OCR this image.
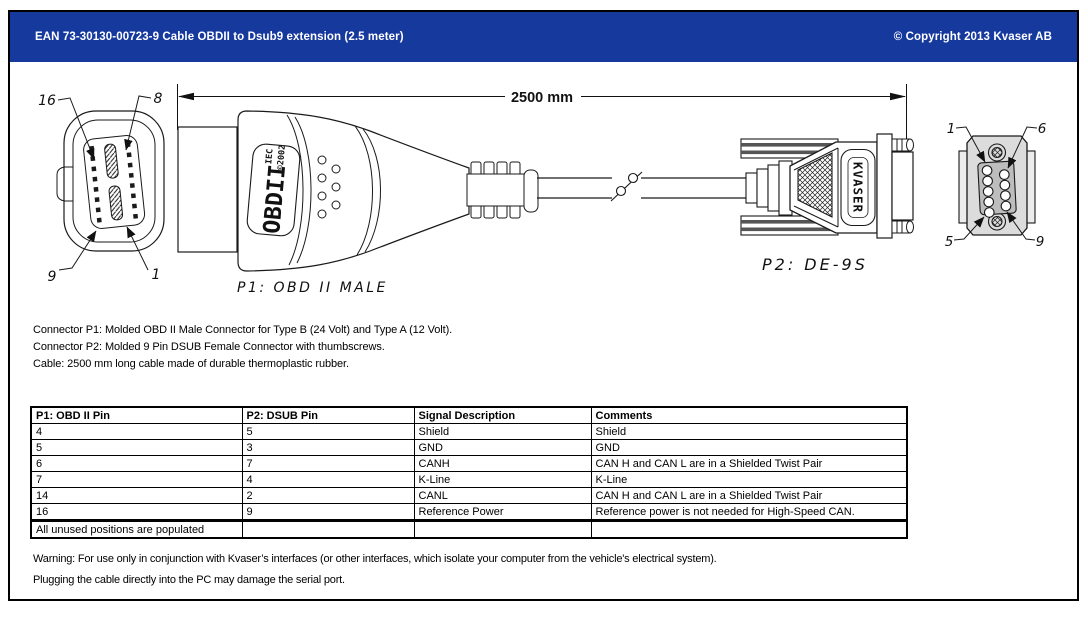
EAN 73-30130-00723-9 Cable OBDII to Dsub9 extension (2.5 meter)	© Copyright 2013 Kvaser AB
2500 mm
16	8
9	1
OBDII
IEC ©2002
P1: OBD II MALE
KVASER
P2: DE-9S
1	6
5	9
Connector P1: Molded OBD II Male Connector for Type B (24 Volt) and Type A (12 Volt).
Connector P2: Molded 9 Pin DSUB Female Connector with thumbscrews.
Cable: 2500 mm long cable made of durable thermoplastic rubber.
P1: OBD II Pin	P2: DSUB Pin	Signal Description	Comments
4	5	Shield	Shield
5	3	GND	GND
6	7	CANH	CAN H and CAN L are in a Shielded Twist Pair
7	4	K-Line	K-Line
14	2	CANL	CAN H and CAN L are in a Shielded Twist Pair
16	9	Reference Power	Reference power is not needed for High-Speed CAN.
All unused positions are populated			
Warning: For use only in conjunction with Kvaser’s interfaces (or other interfaces, which isolate your computer from the vehicle's electrical system).
Plugging the cable directly into the PC may damage the serial port.
